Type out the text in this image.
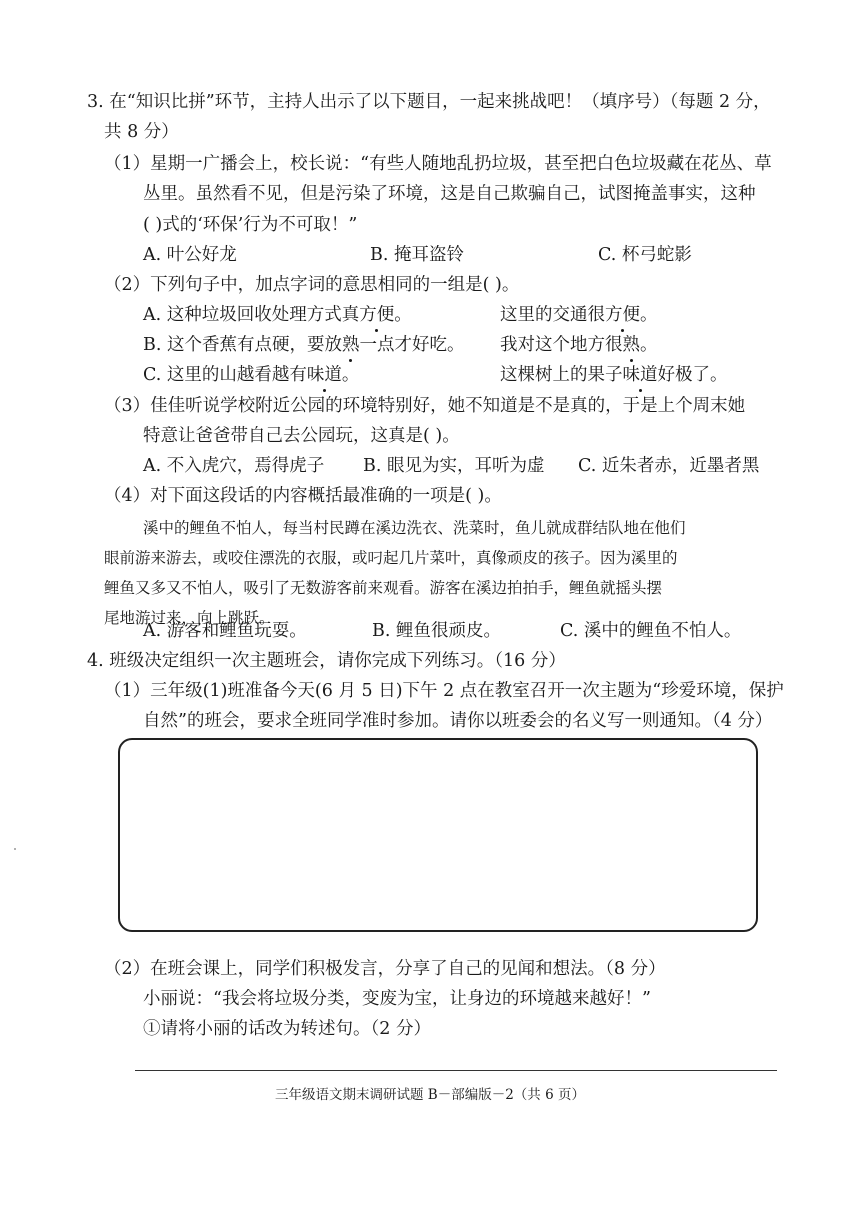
3. 在“知识比拼”环节，主持人出示了以下题目，一起来挑战吧！（填序号）（每题 2 分，
共 8 分）
（1）星期一广播会上，校长说：“有些人随地乱扔垃圾，甚至把白色垃圾藏在花丛、草
丛里。虽然看不见，但是污染了环境，这是自己欺骗自己，试图掩盖事实，这种
( )式的‘环保’行为不可取！”
A. 叶公好龙	B. 掩耳盗铃	C. 杯弓蛇影
（2）下列句子中，加点字词的意思相同的一组是( )。
A. 这种垃圾回收处理方式真方便。	这里的交通很方便。
B. 这个香蕉有点硬，要放熟一点才好吃。 我对这个地方很熟。
C. 这里的山越看越有味道。	这棵树上的果子味道好极了。
（3）佳佳听说学校附近公园的环境特别好，她不知道是不是真的，于是上个周末她
特意让爸爸带自己去公园玩，这真是( )。
A. 不入虎穴，焉得虎子 B. 眼见为实，耳听为虚 C. 近朱者赤，近墨者黑
（4）对下面这段话的内容概括最准确的一项是( )。
溪中的鲤鱼不怕人，每当村民蹲在溪边洗衣、洗菜时，鱼儿就成群结队地在他们
眼前游来游去，或咬住漂洗的衣服，或叼起几片菜叶，真像顽皮的孩子。因为溪里的
鲤鱼又多又不怕人，吸引了无数游客前来观看。游客在溪边拍拍手，鲤鱼就摇头摆
尾地游过来，向上跳跃。
A. 游客和鲤鱼玩耍。	B. 鲤鱼很顽皮。	C. 溪中的鲤鱼不怕人。
4. 班级决定组织一次主题班会，请你完成下列练习。（16 分）
（1）三年级(1)班准备今天(6 月 5 日)下午 2 点在教室召开一次主题为“珍爱环境，保护
自然”的班会，要求全班同学准时参加。请你以班委会的名义写一则通知。（4 分）
（2）在班会课上，同学们积极发言，分享了自己的见闻和想法。（8 分）
小丽说：“我会将垃圾分类，变废为宝，让身边的环境越来越好！”
①请将小丽的话改为转述句。（2 分）
三年级语文期末调研试题 B－部编版－2（共 6 页）
